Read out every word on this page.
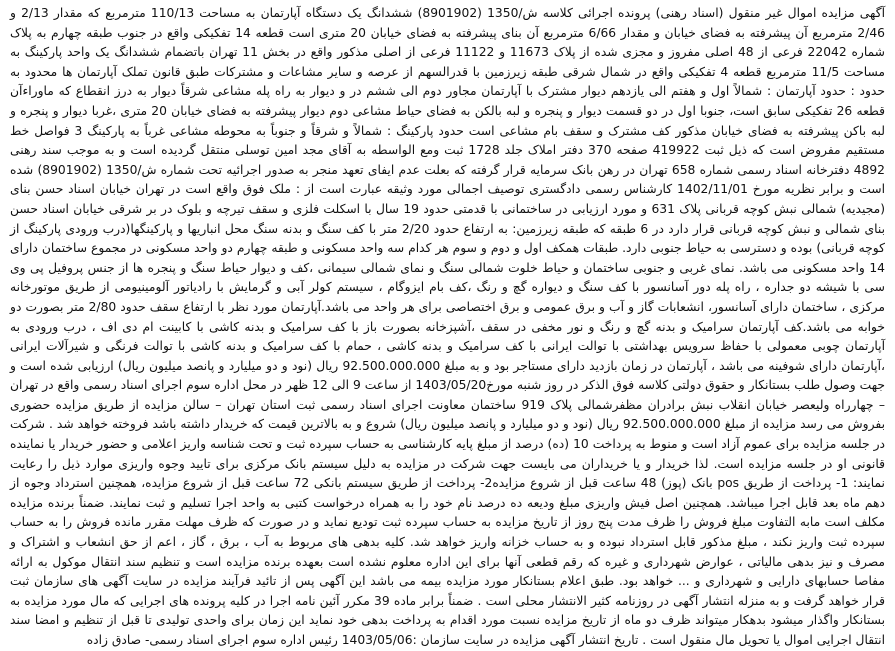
آگهی مزایده اموال غیر منقول (اسناد رهنی) پرونده اجرائی کلاسه ش/1350 (8901902) ششدانگ یک دستگاه آپارتمان به مساحت 110/13 مترمربع که مقدار 2/13 و 2/46 مترمربع آن پیشرفته به فضای خیابان و مقدار 6/66 مترمربع آن بنای پیشرفته به فضای خیابان 20 متری است قطعه 14 تفکیکی واقع در جنوب طبقه چهارم به پلاک شماره 22042 فرعی از 48 اصلی مفروز و مجزی شده از پلاک 11673 و 11122 فرعی از اصلی مذکور واقع در بخش 11 تهران باتضمام ششدانگ یک واحد پارکینگ به مساحت 11/5 مترمربع قطعه 4 تفکیکی واقع در شمال شرقی طبقه زیرزمین با قدرالسهم از عرصه و سایر مشاعات و مشترکات طبق قانون تملک آپارتمان ها محدود به حدود : حدود آپارتمان : شمالاً اول و هفتم الی یازدهم دیوار مشترک با آپارتمان مجاور دوم الی ششم در و دیوار به راه پله مشاعی شرقاً دیوار به درز انقطاع که ماوراءآن قطعه 26 تفکیکی سابق است، جنوبا اول در دو قسمت دیوار و پنجره و لبه بالکن به فضای حیاط مشاعی دوم دیوار پیشرفته به فضای خیابان 20 متری ،غربا دیوار و پنجره و لبه باکن پیشرفته به فضای خیابان مذکور کف مشترک و سقف بام مشاعی است حدود پارکینگ : شمالاً و شرقاً و جنوباً به محوطه مشاعی غرباً به پارکینگ 3 فواصل خط مستقیم مفروض است که ذیل ثبت 419922 صفحه 370 دفتر املاک جلد 1728 ثبت ومع الواسطه به آقای مجد امین توسلی منتقل گردیده است و به موجب سند رهنی 4892 دفترخانه اسناد رسمی شماره 658 تهران در رهن بانک سرمایه قرار گرفته که بعلت عدم ایفای تعهد منجر به صدور اجرائیه تحت شماره ش/1350 (8901902) شده است و برابر نظریه مورخ 1402/11/01 کارشناس رسمی دادگستری توصیف اجمالی مورد وثیقه عبارت است از : ملک فوق واقع است در تهران خیابان اسناد حسن بنای (مجیدیه) شمالی نبش کوچه قربانی پلاک 631 و مورد ارزیابی در ساختمانی با قدمتی حدود 19 سال با اسکلت فلزی و سقف تیرچه و بلوک در بر شرقی خیابان اسناد حسن بنای شمالی و نبش کوچه قربانی قرار دارد در 6 طبقه که طبقه زیرزمین: به ارتفاع حدود 2/20 متر با کف سنگ و بدنه سنگ محل انباریها و پارکینگها(درب ورودی پارکینگ از کوچه قربانی) بوده و دسترسی به حیاط جنوبی دارد. طبقات همکف اول و دوم و سوم هر کدام سه واحد مسکونی و طبقه چهارم دو واحد مسکونی در مجموع ساختمان دارای 14 واحد مسکونی می باشد. نمای غربی و جنوبی ساختمان و حیاط خلوت شمالی سنگ و نمای شمالی سیمانی ،کف و دیوار حیاط سنگ و پنجره ها از جنس پروفیل پی وی سی با شیشه دو جداره ، راه پله دور آسانسور با کف سنگ و دیواره گچ و رنگ ،کف بام ایزوگام ، سیستم کولر آبی و گرمایش با رادیاتور آلومینیومی از طریق موتورخانه مرکزی ، ساختمان دارای آسانسور، انشعابات گاز و آب و برق عمومی و برق اختصاصی برای هر واحد می باشد.آپارتمان مورد نظر با ارتفاع سقف حدود 2/80 متر بصورت دو خوابه می باشد.کف آپارتمان سرامیک و بدنه گچ و رنگ و نور مخفی در سقف ،آشپزخانه بصورت باز با کف سرامیک و بدنه کاشی با کابینت ام دی اف ، درب ورودی به آپارتمان چوبی معمولی با حفاظ سرویس بهداشتی با توالت ایرانی با کف سرامیک و بدنه کاشی ، حمام با کف سرامیک و بدنه کاشی با توالت فرنگی و شیرآلات ایرانی ،آپارتمان دارای شوفینه می باشد ، آپارتمان در زمان بازدید دارای مستاجر بود و به مبلغ 92.500.000.000 ریال (نود و دو میلیارد و پانصد میلیون ریال) ارزیابی شده است و جهت وصول طلب بستانکار و حقوق دولتی کلاسه فوق الذکر در روز شنبه مورخ1403/05/20 از ساعت 9 الی 12 ظهر در محل اداره سوم اجرای اسناد رسمی واقع در تهران – چهارراه ولیعصر خیابان انقلاب نبش برادران مظفرشمالی پلاک 919 ساختمان معاونت اجرای اسناد رسمی ثبت استان تهران – سالن مزایده از طریق مزایده حضوری بفروش می رسد مزایده از مبلغ 92.500.000.000 ریال (نود و دو میلیارد و پانصد میلیون ریال) شروع و به بالاترین قیمت که خریدار داشته باشد فروخته خواهد شد . شرکت در جلسه مزایده برای عموم آزاد است و منوط به پرداخت 10 (ده) درصد از مبلغ پایه کارشناسی به حساب سپرده ثبت و تحت شناسه واریز اعلامی و حضور خریدار یا نماینده قانونی او در جلسه مزایده است. لذا خریدار و یا خریداران می بایست جهت شرکت در مزایده به دلیل سیستم بانک مرکزی برای تایید وجوه واریزی موارد ذیل را رعایت نمایند: 1- پرداخت از طریق pos بانک (پوز) 48 ساعت قبل از شروع مزایده2- پرداخت از طریق سیستم بانکی 72 ساعت قبل از شروع مزایده، همچنین استرداد وجوه از دهم ماه بعد قابل اجرا میباشد. همچنین اصل فیش واریزی مبلغ ودیعه ده درصد نام خود را به همراه درخواست کتبی به واحد اجرا تسلیم و ثبت نمایند. ضمناً برنده مزایده مکلف است مابه التفاوت مبلغ فروش را ظرف مدت پنج روز از تاریخ مزایده به حساب سپرده ثبت تودیع نماید و در صورت که ظرف مهلت مقرر مانده فروش را به حساب سپرده ثبت واریز نکند ، مبلغ مذکور قابل استرداد نبوده و به حساب خزانه واریز خواهد شد. کلیه بدهی های مربوط به آب ، برق ، گاز ، اعم از حق انشعاب و اشتراک و مصرف و نیز بدهی مالیاتی ، عوارض شهرداری و غیره که رقم قطعی آنها برای این اداره معلوم نشده است بعهده برنده مزایده است و تنظیم سند انتقال موکول به ارائه مفاصا حسابهای دارایی و شهرداری و ... خواهد بود. طبق اعلام بستانکار مورد مزایده بیمه می باشد این آگهی پس از تائید فرآیند مزایده در سایت آگهی های سازمان ثبت قرار خواهد گرفت و به منزله انتشار آگهی در روزنامه کثیر الانتشار محلی است . ضمناً برابر ماده 39 مکرر آئین نامه اجرا در کلیه پرونده های اجرایی که مال مورد مزایده به بستانکار واگذار میشود بدهکار میتواند ظرف دو ماه از تاریخ مزایده نسبت مورد اقدام به پرداخت بدهی خود نماید این زمان برای واحدی تولیدی تا قبل از تنظیم و امضا سند انتقال اجرایی اموال یا تحویل مال منقول است . تاریخ انتشار آگهی مزایده در سایت سازمان :1403/05/06 رئیس اداره سوم اجرای اسناد رسمی- صادق زاده
